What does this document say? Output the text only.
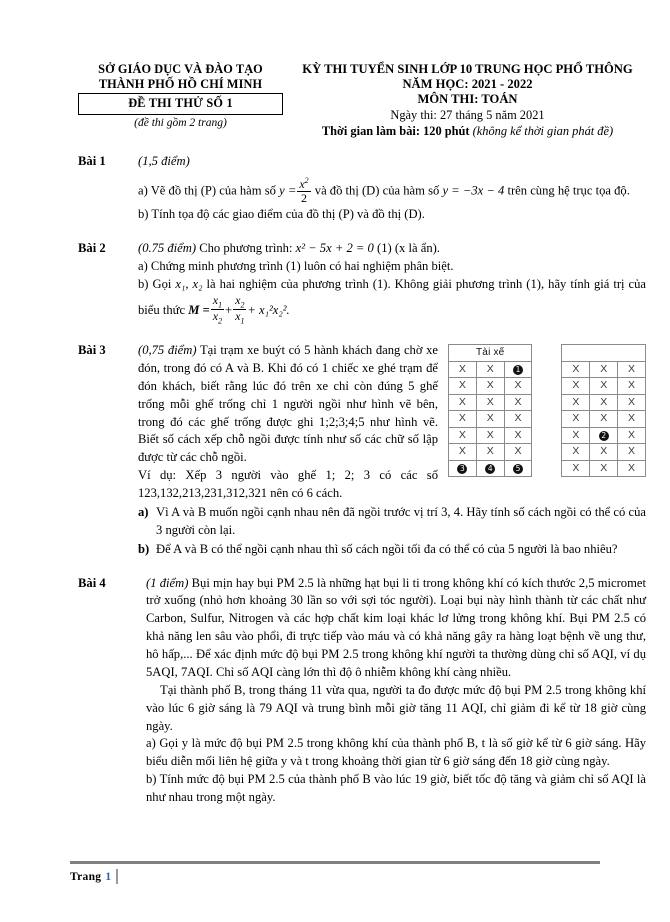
SỞ GIÁO DỤC VÀ ĐÀO TẠO
THÀNH PHỐ HỒ CHÍ MINH
ĐỀ THI THỬ SỐ 1
(đề thi gồm 2 trang)
KỲ THI TUYỂN SINH LỚP 10 TRUNG HỌC PHỔ THÔNG
NĂM HỌC: 2021 - 2022
MÔN THI: TOÁN
Ngày thi: 27 tháng 5 năm 2021
Thời gian làm bài: 120 phút (không kể thời gian phát đề)
Bài 1	(1,5 điểm)
a) Vẽ đồ thị (P) của hàm số $y = \frac{x^2}{2}$ và đồ thị (D) của hàm số y = −3x − 4 trên cùng hệ trục tọa độ.
b) Tính tọa độ các giao điểm của đồ thị (P) và đồ thị (D).
Bài 2	(0.75 điểm) Cho phương trình: x² − 5x + 2 = 0 (1) (x là ẩn).
a) Chứng minh phương trình (1) luôn có hai nghiệm phân biệt.
b) Gọi x₁, x₂ là hai nghiệm của phương trình (1). Không giải phương trình (1), hãy tính giá trị của biểu thức $M = \frac{x_1}{x_2} + \frac{x_2}{x_1} + x_1^2x_2^2$.
Bài 3	Tài xế						
X	X	1		X	X	X
X	X	X		X	X	X
X	X	X		X	X	X
X	X	X		X	X	X
X	X	X		X	2	X
X	X	X		X	X	X
3	4	5		X	X	X
(0,75 điểm) Tại trạm xe buýt có 5 hành khách đang chờ xe đón, trong đó có A và B. Khi đó có 1 chiếc xe ghé trạm để đón khách, biết rằng lúc đó trên xe chỉ còn đúng 5 ghế trống mỗi ghế trống chỉ 1 người ngồi như hình vẽ bên, trong đó các ghế trống được ghi 1;2;3;4;5 như hình vẽ. Biết số cách xếp chỗ ngồi được tính như số các chữ số lập được từ các chỗ ngồi.
Ví dụ: Xếp 3 người vào ghế 1; 2; 3 có các số 123,132,213,231,312,321 nên có 6 cách.
a) Vì A và B muốn ngồi cạnh nhau nên đã ngồi trước vị trí 3, 4. Hãy tính số cách ngồi có thể có của 3 người còn lại.
b) Để A và B có thể ngồi cạnh nhau thì số cách ngồi tối đa có thể có của 5 người là bao nhiêu?
Bài 4	(1 điểm) Bụi mịn hay bụi PM 2.5 là những hạt bụi li ti trong không khí có kích thước 2,5 micromet trở xuống (nhỏ hơn khoảng 30 lần so với sợi tóc người). Loại bụi này hình thành từ các chất như Carbon, Sulfur, Nitrogen và các hợp chất kim loại khác lơ lửng trong không khí. Bụi PM 2.5 có khả năng len sâu vào phổi, đi trực tiếp vào máu và có khả năng gây ra hàng loạt bệnh về ung thư, hô hấp,... Để xác định mức độ bụi PM 2.5 trong không khí người ta thường dùng chỉ số AQI, ví dụ 5AQI, 7AQI. Chỉ số AQI càng lớn thì độ ô nhiễm không khí càng nhiều.
Tại thành phố B, trong tháng 11 vừa qua, người ta đo được mức độ bụi PM 2.5 trong không khí vào lúc 6 giờ sáng là 79 AQI và trung bình mỗi giờ tăng 11 AQI, chỉ giảm đi kể từ 18 giờ cùng ngày.
a) Gọi y là mức độ bụi PM 2.5 trong không khí của thành phố B, t là số giờ kể từ 6 giờ sáng. Hãy biểu diễn mối liên hệ giữa y và t trong khoảng thời gian từ 6 giờ sáng đến 18 giờ cùng ngày.
b) Tính mức độ bụi PM 2.5 của thành phố B vào lúc 19 giờ, biết tốc độ tăng và giảm chỉ số AQI là như nhau trong một ngày.
Trang 1
